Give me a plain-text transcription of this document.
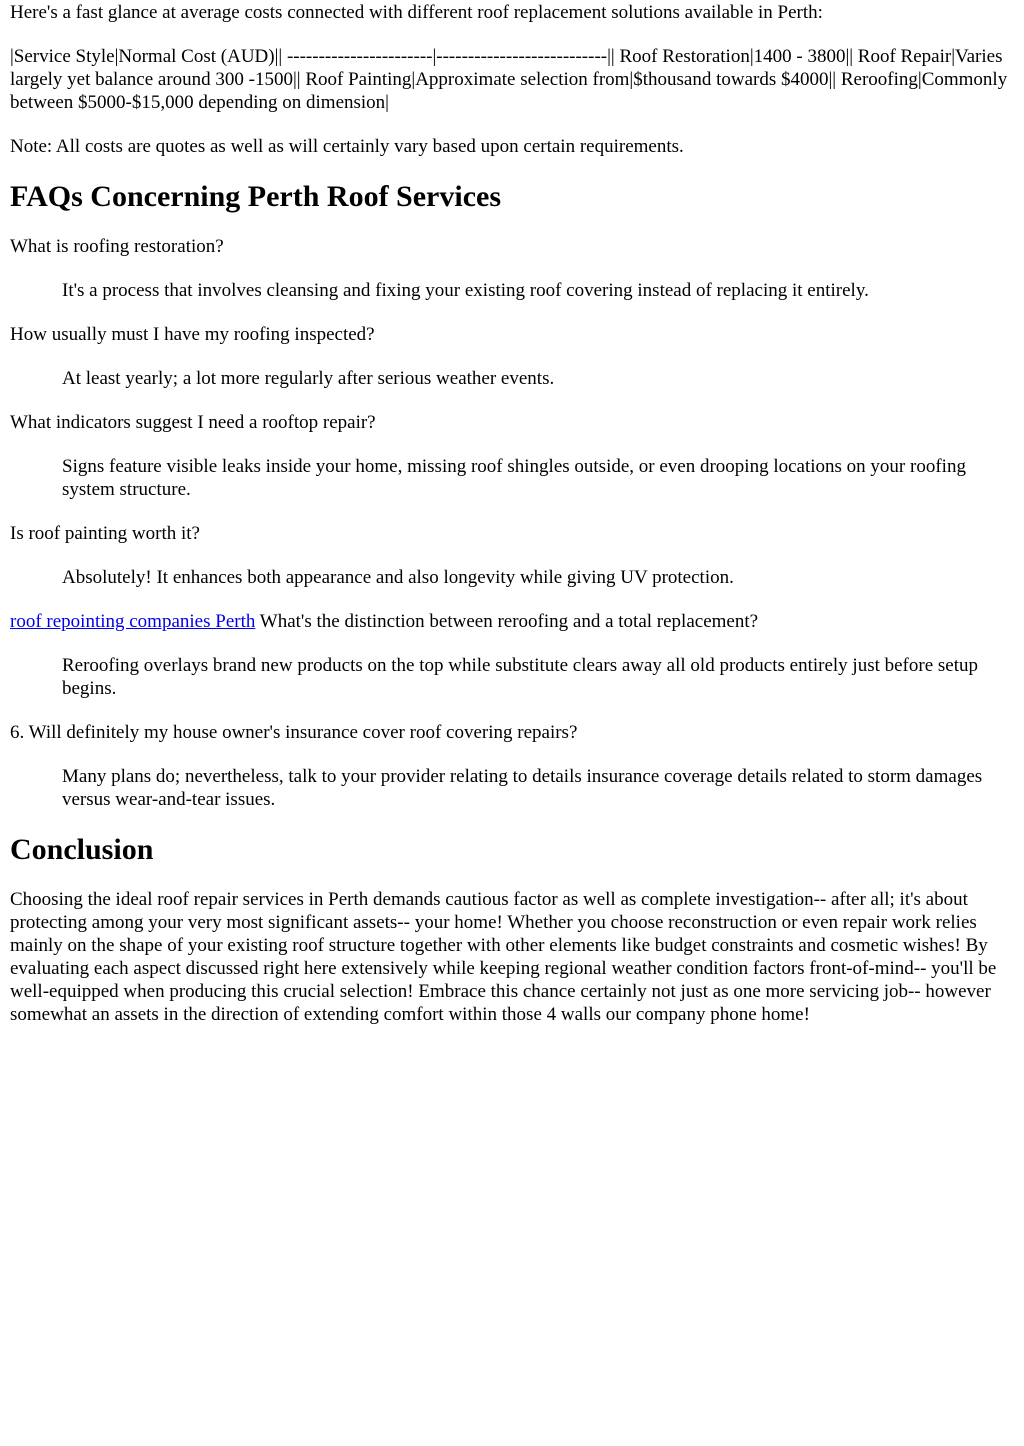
Here's a fast glance at average costs connected with different roof replacement solutions available in Perth:

|Service Style|Normal Cost (AUD)|| -----------------------|---------------------------|| Roof Restoration|1400 - 3800|| Roof Repair|Varies largely yet balance around 300 -1500|| Roof Painting|Approximate selection from|$thousand towards $4000|| Reroofing|Commonly between $5000-$15,000 depending on dimension|

Note: All costs are quotes as well as will certainly vary based upon certain requirements.

FAQs Concerning Perth Roof Services

What is roofing restoration?

It's a process that involves cleansing and fixing your existing roof covering instead of replacing it entirely.

How usually must I have my roofing inspected?

At least yearly; a lot more regularly after serious weather events.

What indicators suggest I need a rooftop repair?

Signs feature visible leaks inside your home, missing roof shingles outside, or even drooping locations on your roofing system structure.

Is roof painting worth it?

Absolutely! It enhances both appearance and also longevity while giving UV protection.

roof repointing companies Perth What's the distinction between reroofing and a total replacement?

Reroofing overlays brand new products on the top while substitute clears away all old products entirely just before setup begins.

6. Will definitely my house owner's insurance cover roof covering repairs?

Many plans do; nevertheless, talk to your provider relating to details insurance coverage details related to storm damages versus wear-and-tear issues.

Conclusion

Choosing the ideal roof repair services in Perth demands cautious factor as well as complete investigation-- after all; it's about protecting among your very most significant assets-- your home! Whether you choose reconstruction or even repair work relies mainly on the shape of your existing roof structure together with other elements like budget constraints and cosmetic wishes! By evaluating each aspect discussed right here extensively while keeping regional weather condition factors front-of-mind-- you'll be well-equipped when producing this crucial selection! Embrace this chance certainly not just as one more servicing job-- however somewhat an assets in the direction of extending comfort within those 4 walls our company phone home!
